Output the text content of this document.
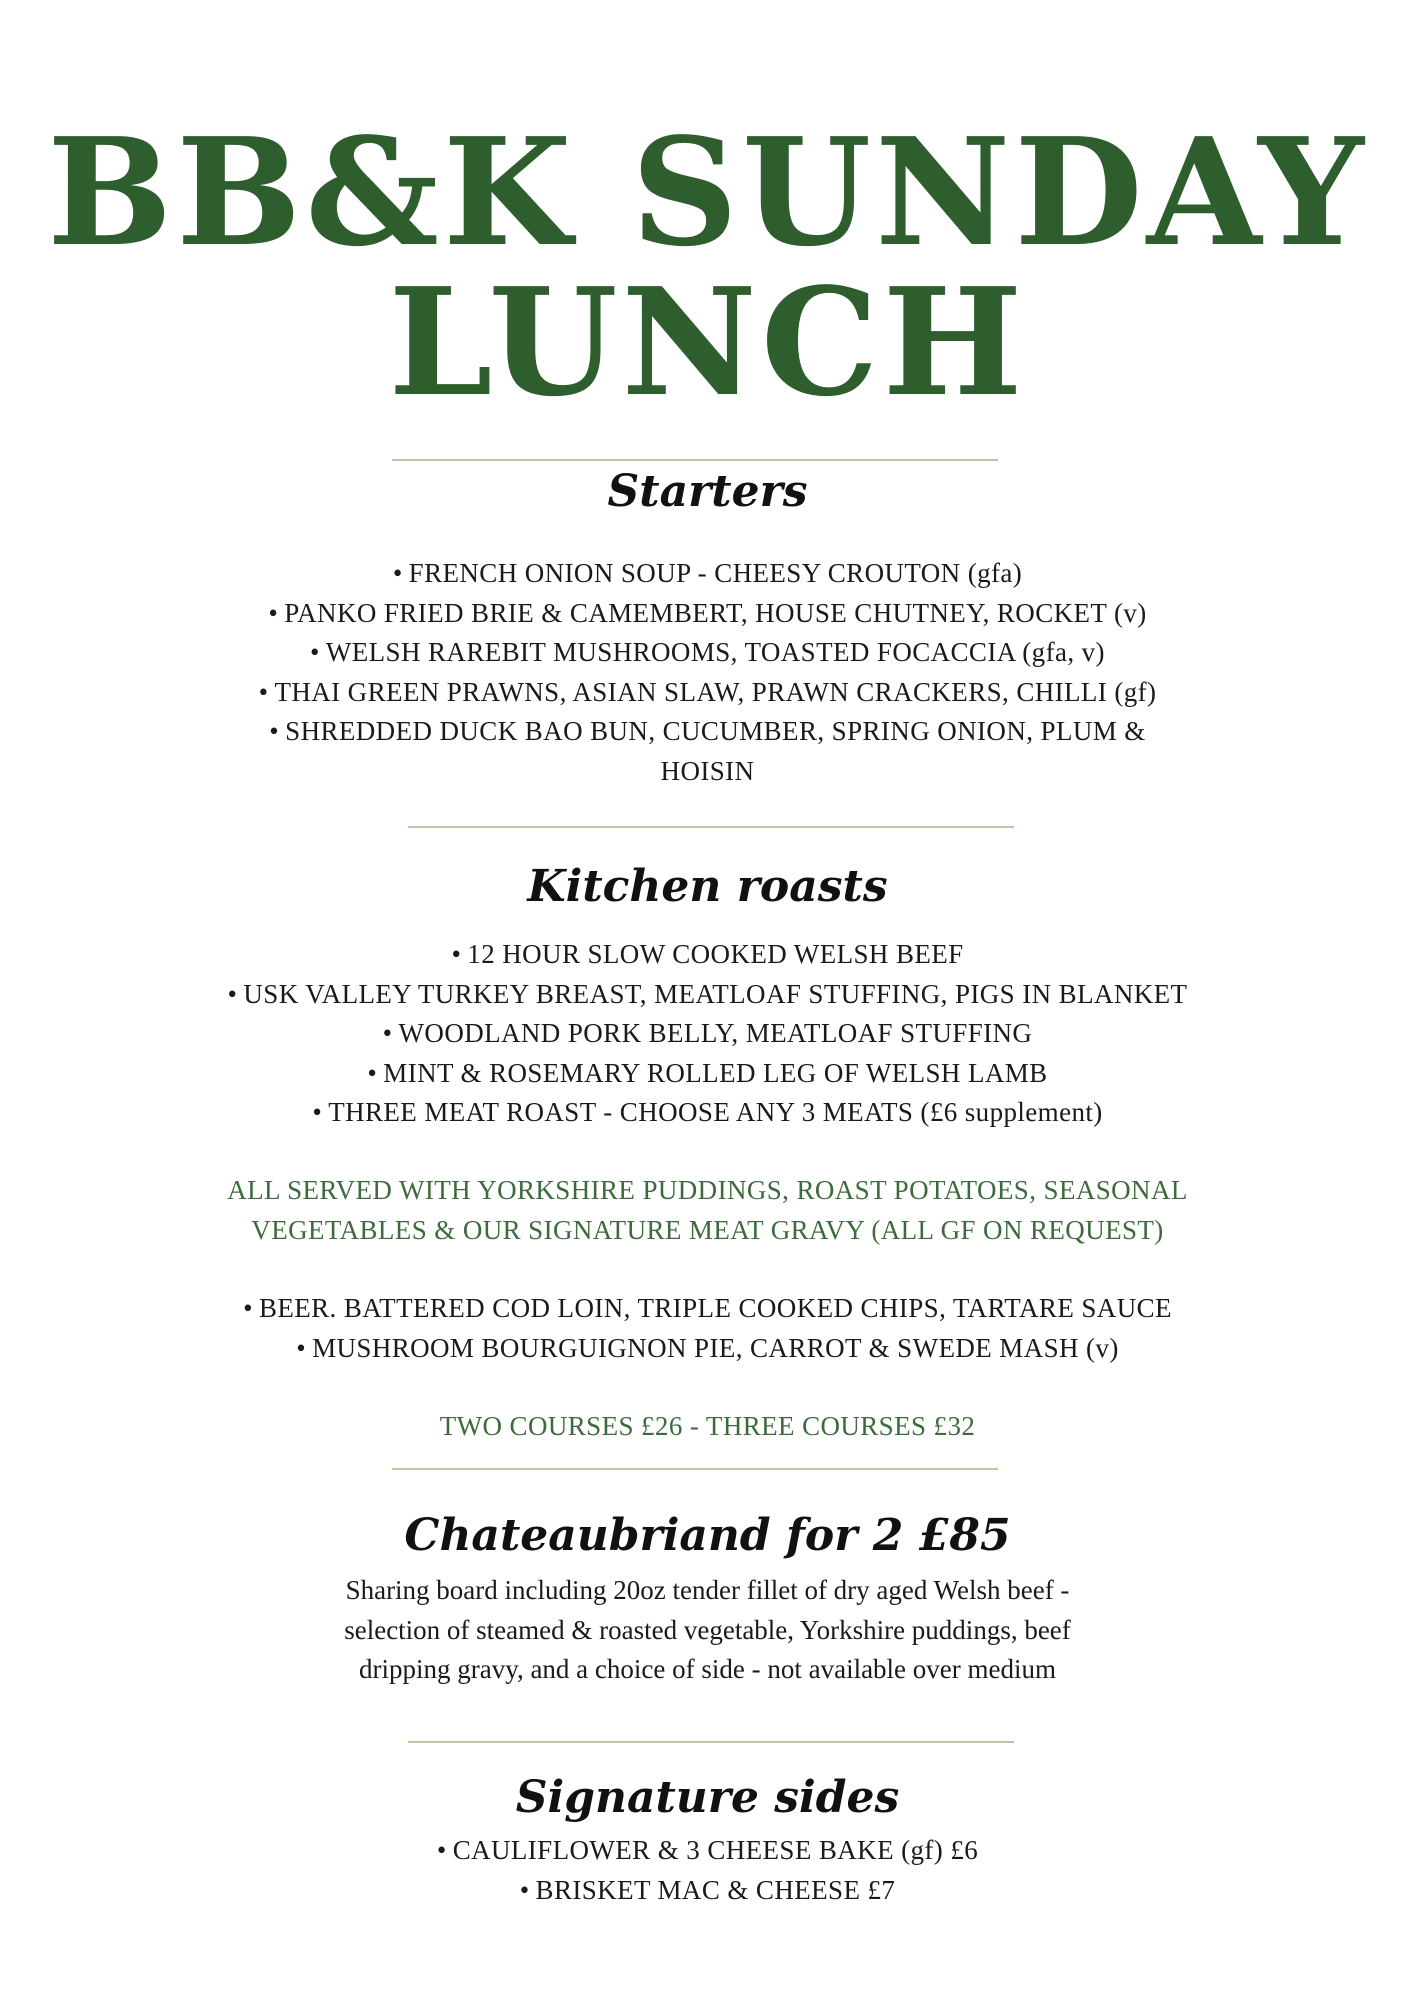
BB&K SUNDAY
LUNCH
Starters
• FRENCH ONION SOUP - CHEESY CROUTON (gfa)
• PANKO FRIED BRIE & CAMEMBERT, HOUSE CHUTNEY, ROCKET (v)
• WELSH RAREBIT MUSHROOMS, TOASTED FOCACCIA (gfa, v)
• THAI GREEN PRAWNS, ASIAN SLAW, PRAWN CRACKERS, CHILLI (gf)
• SHREDDED DUCK BAO BUN, CUCUMBER, SPRING ONION, PLUM &
HOISIN
Kitchen roasts
• 12 HOUR SLOW COOKED WELSH BEEF
• USK VALLEY TURKEY BREAST, MEATLOAF STUFFING, PIGS IN BLANKET
• WOODLAND PORK BELLY, MEATLOAF STUFFING
• MINT & ROSEMARY ROLLED LEG OF WELSH LAMB
• THREE MEAT ROAST - CHOOSE ANY 3 MEATS (£6 supplement)
ALL SERVED WITH YORKSHIRE PUDDINGS, ROAST POTATOES, SEASONAL
VEGETABLES & OUR SIGNATURE MEAT GRAVY (ALL GF ON REQUEST)
• BEER. BATTERED COD LOIN, TRIPLE COOKED CHIPS, TARTARE SAUCE
• MUSHROOM BOURGUIGNON PIE, CARROT & SWEDE MASH (v)
TWO COURSES £26 - THREE COURSES £32
Chateaubriand for 2 £85
Sharing board including 20oz tender fillet of dry aged Welsh beef -
selection of steamed & roasted vegetable, Yorkshire puddings, beef
dripping gravy, and a choice of side - not available over medium
Signature sides
• CAULIFLOWER & 3 CHEESE BAKE (gf) £6
• BRISKET MAC & CHEESE £7
